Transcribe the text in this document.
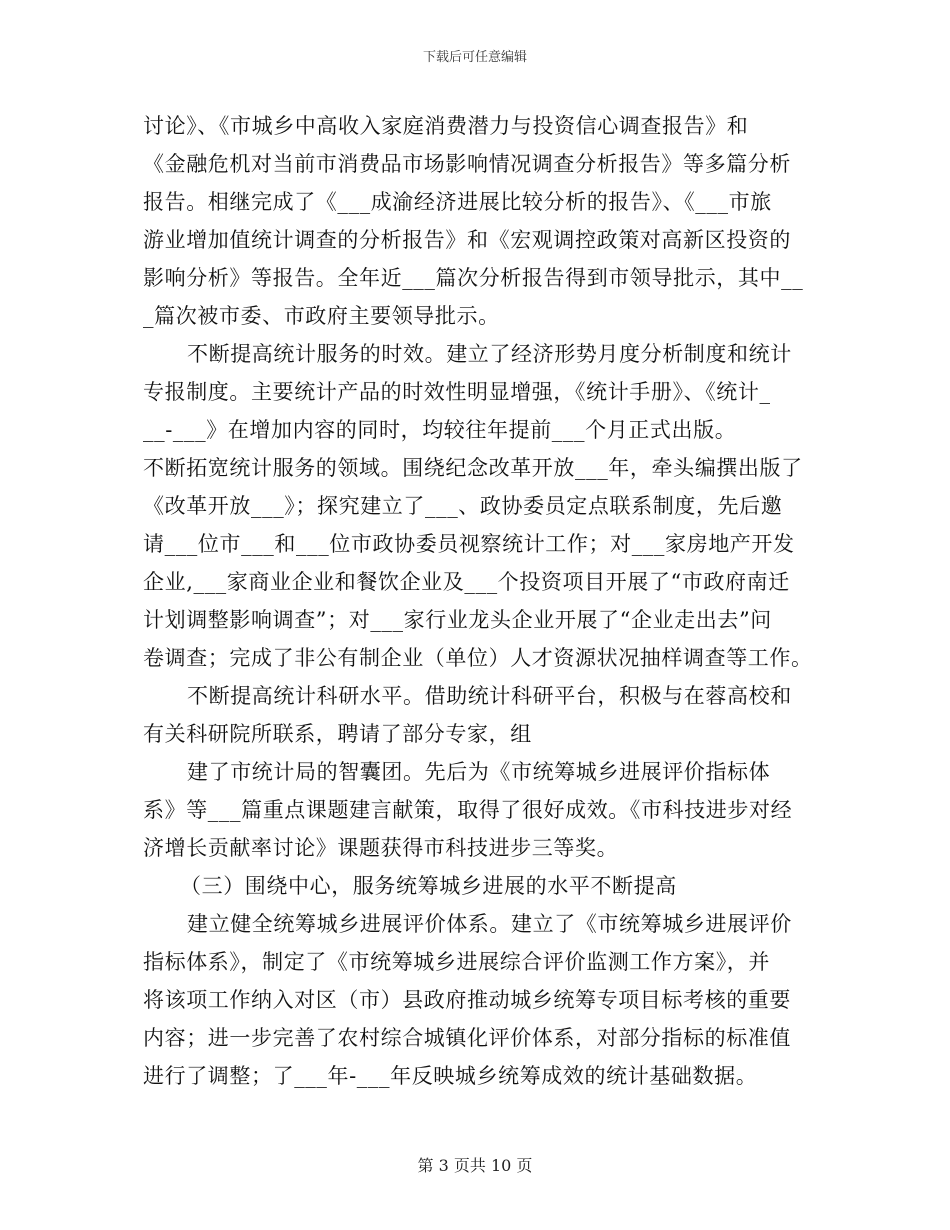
下载后可任意编辑
讨论》、《市城乡中高收入家庭消费潜力与投资信心调查报告》和
《金融危机对当前市消费品市场影响情况调查分析报告》等多篇分析
报告。相继完成了《___成渝经济进展比较分析的报告》、《___市旅
游业增加值统计调查的分析报告》和《宏观调控政策对高新区投资的
影响分析》等报告。全年近___篇次分析报告得到市领导批示，其中__
_篇次被市委、市政府主要领导批示。
不断提高统计服务的时效。建立了经济形势月度分析制度和统计
专报制度。主要统计产品的时效性明显增强，《统计手册》、《统计_
__-___》在增加内容的同时，均较往年提前___个月正式出版。
不断拓宽统计服务的领域。围绕纪念改革开放___年，牵头编撰出版了
《改革开放___》；探究建立了___、政协委员定点联系制度，先后邀
请___位市___和___位市政协委员视察统计工作；对___家房地产开发
企业,___家商业企业和餐饮企业及___个投资项目开展了“市政府南迁
计划调整影响调查”；对___家行业龙头企业开展了“企业走出去”问
卷调查；完成了非公有制企业（单位）人才资源状况抽样调查等工作。
不断提高统计科研水平。借助统计科研平台，积极与在蓉高校和
有关科研院所联系，聘请了部分专家，组
建了市统计局的智囊团。先后为《市统筹城乡进展评价指标体
系》等___篇重点课题建言献策，取得了很好成效。《市科技进步对经
济增长贡献率讨论》课题获得市科技进步三等奖。
（三）围绕中心，服务统筹城乡进展的水平不断提高
建立健全统筹城乡进展评价体系。建立了《市统筹城乡进展评价
指标体系》，制定了《市统筹城乡进展综合评价监测工作方案》，并
将该项工作纳入对区（市）县政府推动城乡统筹专项目标考核的重要
内容；进一步完善了农村综合城镇化评价体系，对部分指标的标准值
进行了调整；了___年-___年反映城乡统筹成效的统计基础数据。
第 3 页共 10 页
